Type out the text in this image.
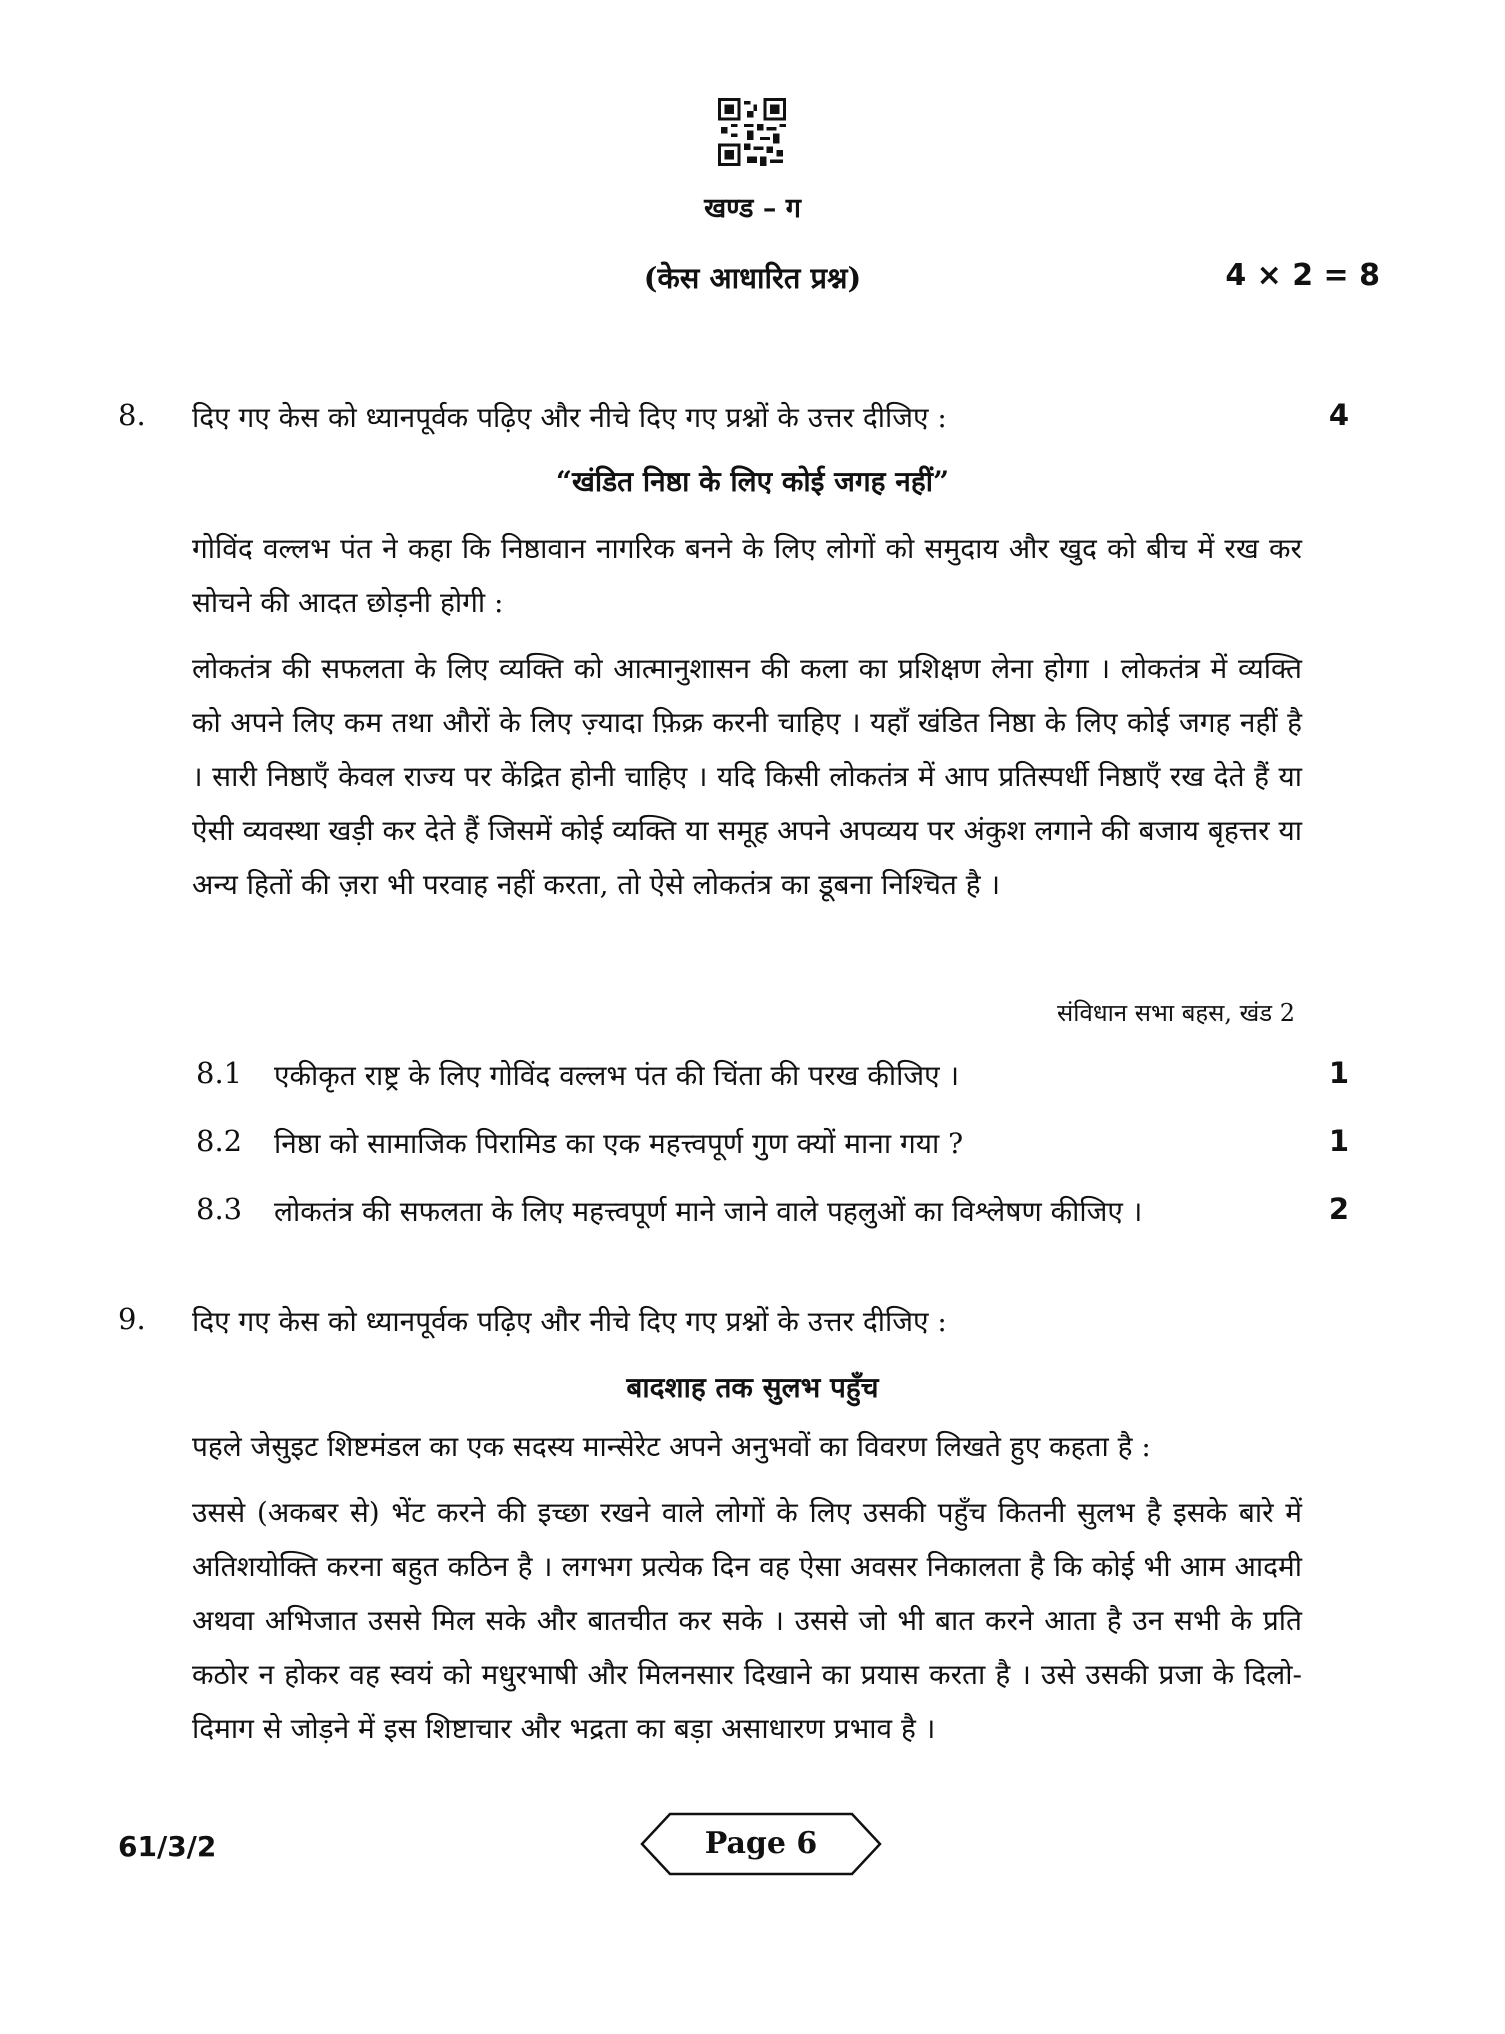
खण्ड – ग
(केस आधारित प्रश्न)	4 × 2 = 8
8. दिए गए केस को ध्यानपूर्वक पढ़िए और नीचे दिए गए प्रश्नों के उत्तर दीजिए :	4
“खंडित निष्ठा के लिए कोई जगह नहीं”

गोविंद वल्लभ पंत ने कहा कि निष्ठावान नागरिक बनने के लिए लोगों को समुदाय और खुद को बीच में रख कर सोचने की आदत छोड़नी होगी :

लोकतंत्र की सफलता के लिए व्यक्ति को आत्मानुशासन की कला का प्रशिक्षण लेना होगा । लोकतंत्र में व्यक्ति को अपने लिए कम तथा औरों के लिए ज़्यादा फ़िक्र करनी चाहिए । यहाँ खंडित निष्ठा के लिए कोई जगह नहीं है । सारी निष्ठाएँ केवल राज्य पर केंद्रित होनी चाहिए । यदि किसी लोकतंत्र में आप प्रतिस्पर्धी निष्ठाएँ रख देते हैं या ऐसी व्यवस्था खड़ी कर देते हैं जिसमें कोई व्यक्ति या समूह अपने अपव्यय पर अंकुश लगाने की बजाय बृहत्तर या अन्य हितों की ज़रा भी परवाह नहीं करता, तो ऐसे लोकतंत्र का डूबना निश्चित है ।

संविधान सभा बहस, खंड 2
8.1 एकीकृत राष्ट्र के लिए गोविंद वल्लभ पंत की चिंता की परख कीजिए ।	1
8.2 निष्ठा को सामाजिक पिरामिड का एक महत्त्वपूर्ण गुण क्यों माना गया ?	1
8.3 लोकतंत्र की सफलता के लिए महत्त्वपूर्ण माने जाने वाले पहलुओं का विश्लेषण कीजिए ।	2
9. दिए गए केस को ध्यानपूर्वक पढ़िए और नीचे दिए गए प्रश्नों के उत्तर दीजिए :
बादशाह तक सुलभ पहुँच

पहले जेसुइट शिष्टमंडल का एक सदस्य मान्सेरेट अपने अनुभवों का विवरण लिखते हुए कहता है :

उससे (अकबर से) भेंट करने की इच्छा रखने वाले लोगों के लिए उसकी पहुँच कितनी सुलभ है इसके बारे में अतिशयोक्ति करना बहुत कठिन है । लगभग प्रत्येक दिन वह ऐसा अवसर निकालता है कि कोई भी आम आदमी अथवा अभिजात उससे मिल सके और बातचीत कर सके । उससे जो भी बात करने आता है उन सभी के प्रति कठोर न होकर वह स्वयं को मधुरभाषी और मिलनसार दिखाने का प्रयास करता है । उसे उसकी प्रजा के दिलो-दिमाग से जोड़ने में इस शिष्टाचार और भद्रता का बड़ा असाधारण प्रभाव है ।

61/3/2	Page 6
